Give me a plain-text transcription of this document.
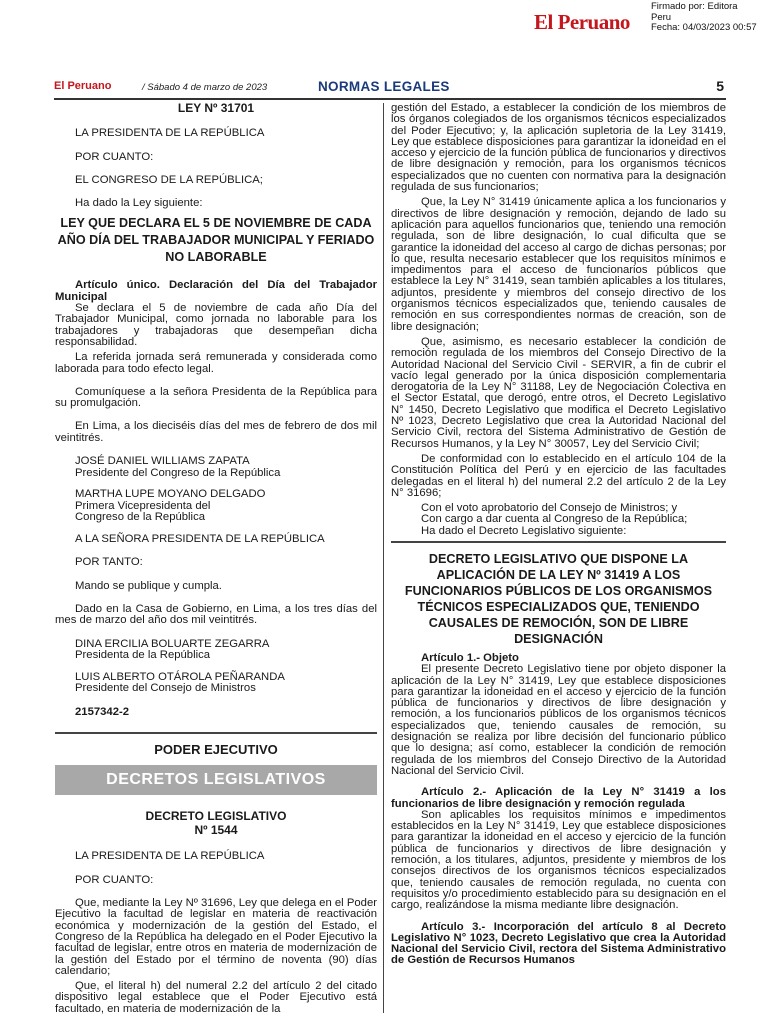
El Peruano
Firmado por: Editora
Peru
Fecha: 04/03/2023 00:57
El Peruano	/ Sábado 4 de marzo de 2023	NORMAS LEGALES	5
LEY Nº 31701

LA PRESIDENTA DE LA REPÚBLICA

POR CUANTO:

EL CONGRESO DE LA REPÚBLICA;

Ha dado la Ley siguiente:

LEY QUE DECLARA EL 5 DE NOVIEMBRE DE CADA AÑO DÍA DEL TRABAJADOR MUNICIPAL Y FERIADO NO LABORABLE

Artículo único. Declaración del Día del Trabajador Municipal

Se declara el 5 de noviembre de cada año Día del Trabajador Municipal, como jornada no laborable para los trabajadores y trabajadoras que desempeñan dicha responsabilidad.

La referida jornada será remunerada y considerada como laborada para todo efecto legal.

Comuníquese a la señora Presidenta de la República para su promulgación.

En Lima, a los dieciséis días del mes de febrero de dos mil veintitrés.

JOSÉ DANIEL WILLIAMS ZAPATA
Presidente del Congreso de la República
MARTHA LUPE MOYANO DELGADO
Primera Vicepresidenta del
Congreso de la República

A LA SEÑORA PRESIDENTA DE LA REPÚBLICA

POR TANTO:

Mando se publique y cumpla.

Dado en la Casa de Gobierno, en Lima, a los tres días del mes de marzo del año dos mil veintitrés.

DINA ERCILIA BOLUARTE ZEGARRA
Presidenta de la República
LUIS ALBERTO OTÁROLA PEÑARANDA
Presidente del Consejo de Ministros

2157342-2

PODER EJECUTIVO
DECRETOS LEGISLATIVOS
DECRETO LEGISLATIVO
Nº 1544

LA PRESIDENTA DE LA REPÚBLICA

POR CUANTO:

Que, mediante la Ley Nº 31696, Ley que delega en el Poder Ejecutivo la facultad de legislar en materia de reactivación económica y modernización de la gestión del Estado, el Congreso de la República ha delegado en el Poder Ejecutivo la facultad de legislar, entre otros en materia de modernización de la gestión del Estado por el término de noventa (90) días calendario;

Que, el literal h) del numeral 2.2 del artículo 2 del citado dispositivo legal establece que el Poder Ejecutivo está facultado, en materia de modernización de la

gestión del Estado, a establecer la condición de los miembros de los órganos colegiados de los organismos técnicos especializados del Poder Ejecutivo; y, la aplicación supletoria de la Ley 31419, Ley que establece disposiciones para garantizar la idoneidad en el acceso y ejercicio de la función pública de funcionarios y directivos de libre designación y remoción, para los organismos técnicos especializados que no cuenten con normativa para la designación regulada de sus funcionarios;

Que, la Ley N° 31419 únicamente aplica a los funcionarios y directivos de libre designación y remoción, dejando de lado su aplicación para aquellos funcionarios que, teniendo una remoción regulada, son de libre designación, lo cual dificulta que se garantice la idoneidad del acceso al cargo de dichas personas; por lo que, resulta necesario establecer que los requisitos mínimos e impedimentos para el acceso de funcionarios públicos que establece la Ley N° 31419, sean también aplicables a los titulares, adjuntos, presidente y miembros del consejo directivo de los organismos técnicos especializados que, teniendo causales de remoción en sus correspondientes normas de creación, son de libre designación;

Que, asimismo, es necesario establecer la condición de remoción regulada de los miembros del Consejo Directivo de la Autoridad Nacional del Servicio Civil - SERVIR, a fin de cubrir el vacío legal generado por la única disposición complementaria derogatoria de la Ley N° 31188, Ley de Negociación Colectiva en el Sector Estatal, que derogó, entre otros, el Decreto Legislativo N° 1450, Decreto Legislativo que modifica el Decreto Legislativo Nº 1023, Decreto Legislativo que crea la Autoridad Nacional del Servicio Civil, rectora del Sistema Administrativo de Gestión de Recursos Humanos, y la Ley N° 30057, Ley del Servicio Civil;

De conformidad con lo establecido en el artículo 104 de la Constitución Política del Perú y en ejercicio de las facultades delegadas en el literal h) del numeral 2.2 del artículo 2 de la Ley N° 31696;

Con el voto aprobatorio del Consejo de Ministros; y

Con cargo a dar cuenta al Congreso de la República;

Ha dado el Decreto Legislativo siguiente:

DECRETO LEGISLATIVO QUE DISPONE LA APLICACIÓN DE LA LEY Nº 31419 A LOS FUNCIONARIOS PÚBLICOS DE LOS ORGANISMOS TÉCNICOS ESPECIALIZADOS QUE, TENIENDO CAUSALES DE REMOCIÓN, SON DE LIBRE DESIGNACIÓN

Artículo 1.- Objeto

El presente Decreto Legislativo tiene por objeto disponer la aplicación de la Ley N° 31419, Ley que establece disposiciones para garantizar la idoneidad en el acceso y ejercicio de la función pública de funcionarios y directivos de libre designación y remoción, a los funcionarios públicos de los organismos técnicos especializados que, teniendo causales de remoción, su designación se realiza por libre decisión del funcionario público que lo designa; así como, establecer la condición de remoción regulada de los miembros del Consejo Directivo de la Autoridad Nacional del Servicio Civil.

Artículo 2.- Aplicación de la Ley N° 31419 a los funcionarios de libre designación y remoción regulada

Son aplicables los requisitos mínimos e impedimentos establecidos en la Ley N° 31419, Ley que establece disposiciones para garantizar la idoneidad en el acceso y ejercicio de la función pública de funcionarios y directivos de libre designación y remoción, a los titulares, adjuntos, presidente y miembros de los consejos directivos de los organismos técnicos especializados que, teniendo causales de remoción regulada, no cuenta con requisitos y/o procedimiento establecido para su designación en el cargo, realizándose la misma mediante libre designación.

Artículo 3.- Incorporación del artículo 8 al Decreto Legislativo N° 1023, Decreto Legislativo que crea la Autoridad Nacional del Servicio Civil, rectora del Sistema Administrativo de Gestión de Recursos Humanos
